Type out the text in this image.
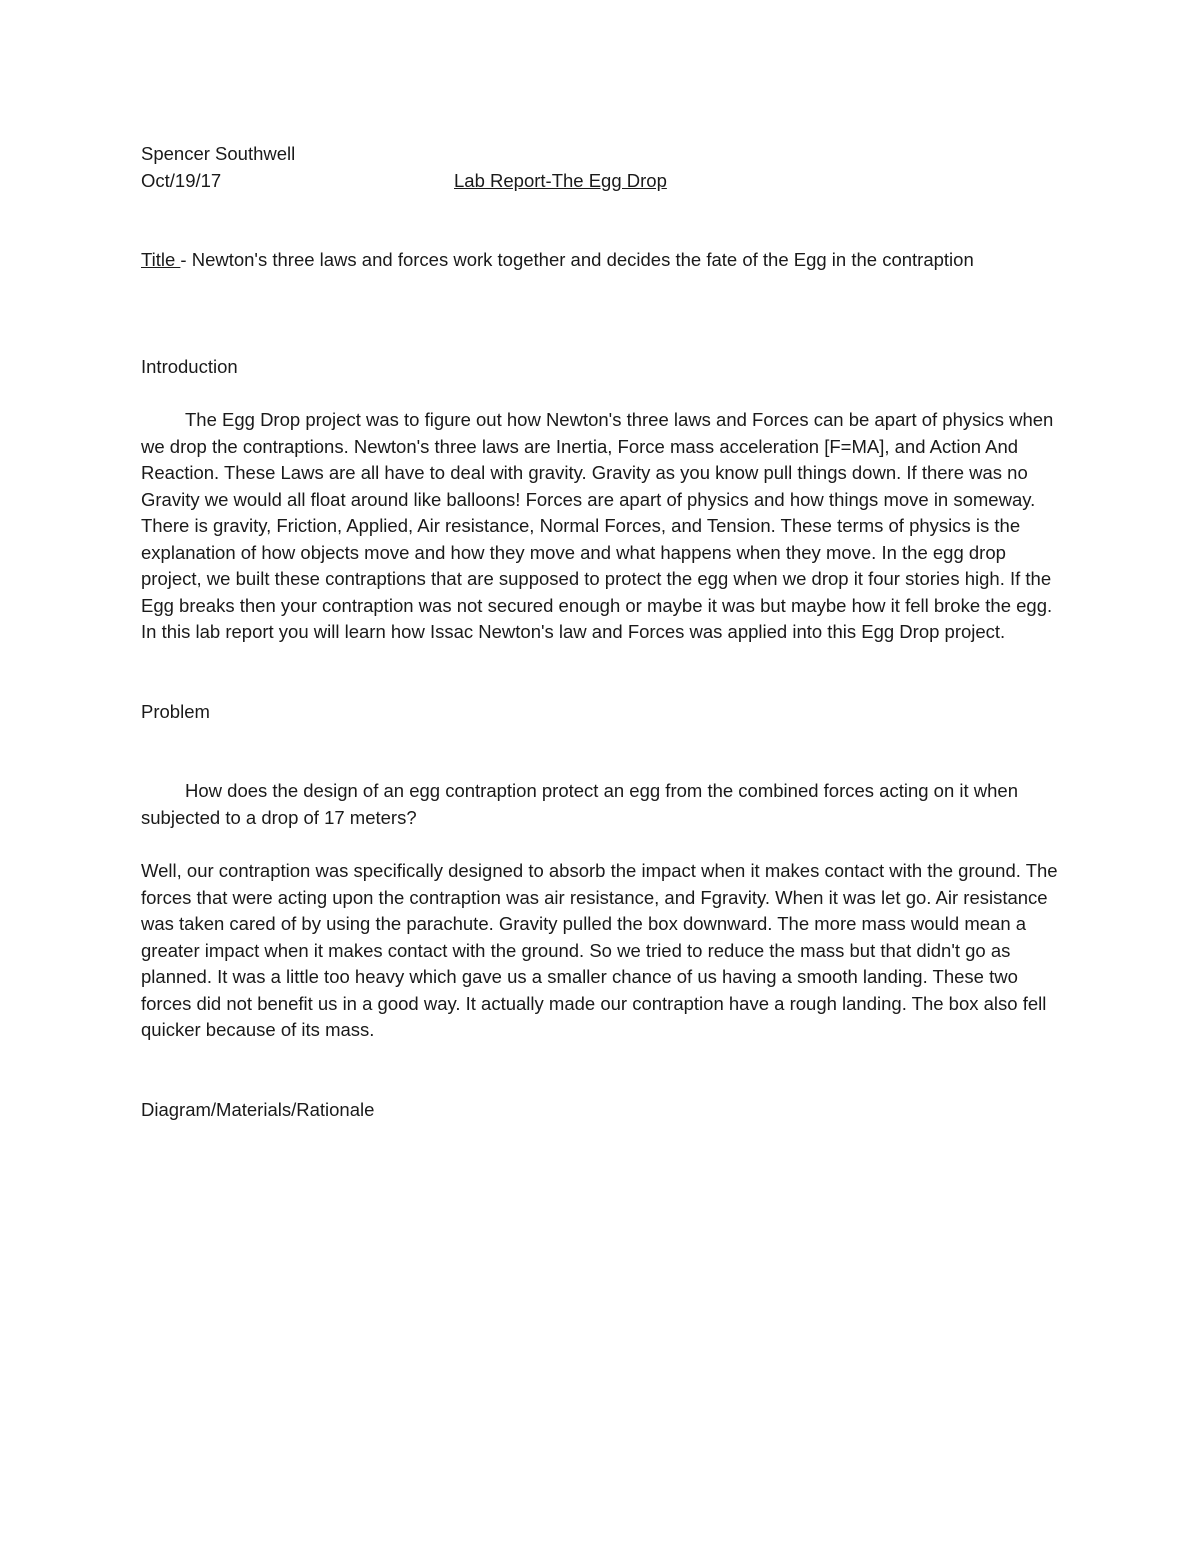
Spencer Southwell

Oct/19/17	Lab Report-The Egg Drop

Title - Newton's three laws and forces work together and decides the fate of the Egg in the contraption

Introduction

The Egg Drop project was to figure out how Newton's three laws and Forces can be apart of physics when we drop the contraptions. Newton's three laws are Inertia, Force mass acceleration [F=MA], and Action And Reaction. These Laws are all have to deal with gravity. Gravity as you know pull things down. If there was no Gravity we would all float around like balloons! Forces are apart of physics and how things move in someway. There is gravity, Friction, Applied, Air resistance, Normal Forces, and Tension. These terms of physics is the explanation of how objects move and how they move and what happens when they move. In the egg drop project, we built these contraptions that are supposed to protect the egg when we drop it four stories high. If the Egg breaks then your contraption was not secured enough or maybe it was but maybe how it fell broke the egg. In this lab report you will learn how Issac Newton's law and Forces was applied into this Egg Drop project.

Problem

How does the design of an egg contraption protect an egg from the combined forces acting on it when subjected to a drop of 17 meters?

Well, our contraption was specifically designed to absorb the impact when it makes contact with the ground. The forces that were acting upon the contraption was air resistance, and Fgravity. When it was let go. Air resistance was taken cared of by using the parachute. Gravity pulled the box downward. The more mass would mean a greater impact when it makes contact with the ground. So we tried to reduce the mass but that didn't go as planned. It was a little too heavy which gave us a smaller chance of us having a smooth landing. These two forces did not benefit us in a good way. It actually made our contraption have a rough landing. The box also fell quicker because of its mass.

Diagram/Materials/Rationale
